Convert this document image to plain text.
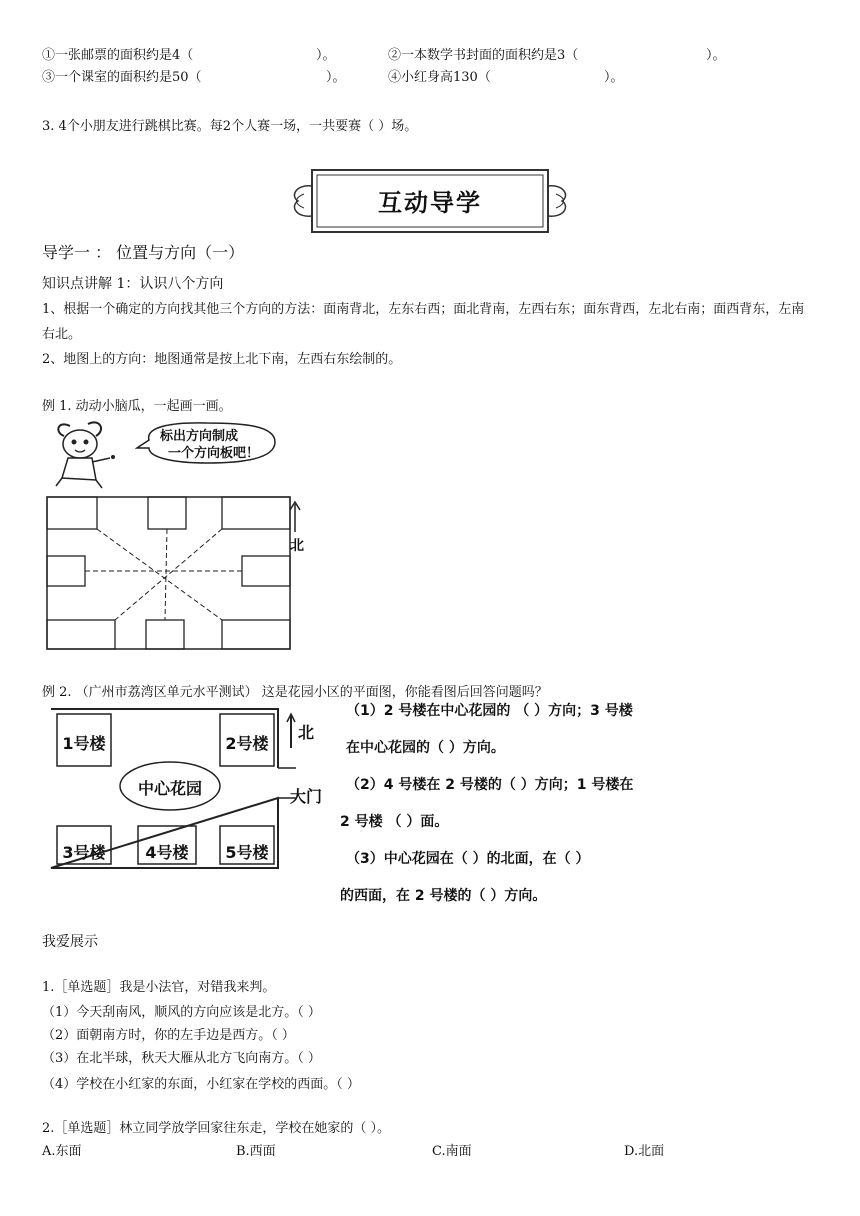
①一张邮票的面积约是4（	）。	②一本数学书封面的面积约是3（	）。
③一个课室的面积约是50（	）。	④小红身高130（	）。
3. 4个小朋友进行跳棋比赛。每2个人赛一场，一共要赛（ ）场。
互动导学
导学一 ： 位置与方向（一）
知识点讲解 1：认识八个方向
1、根据一个确定的方向找其他三个方向的方法：面南背北，左东右西；面北背南，左西右东；面东背西，左北右南；面西背东，左南右北。
2、地图上的方向：地图通常是按上北下南，左西右东绘制的。
例 1. 动动小脑瓜，一起画一画。
标出方向制成
一个方向板吧！
北
例 2. （广州市荔湾区单元水平测试） 这是花园小区的平面图，你能看图后回答问题吗？
1号楼	2号楼
中心花园
3号楼	4号楼	5号楼
大门
北
（1）2 号楼在中心花园的 （ ）方向；3 号楼
在中心花园的（ ）方向。
（2）4 号楼在 2 号楼的（ ）方向；1 号楼在
2 号楼 （ ）面。
（3）中心花园在（ ）的北面，在（ ）
的西面，在 2 号楼的（ ）方向。
我爱展示
1.［单选题］我是小法官，对错我来判。
（1）今天刮南风，顺风的方向应该是北方。（ ）
（2）面朝南方时，你的左手边是西方。（ ）
（3）在北半球，秋天大雁从北方飞向南方。（ ）
（4）学校在小红家的东面，小红家在学校的西面。（ ）
2.［单选题］林立同学放学回家往东走，学校在她家的（ ）。
A.东面	B.西面	C.南面	D.北面
